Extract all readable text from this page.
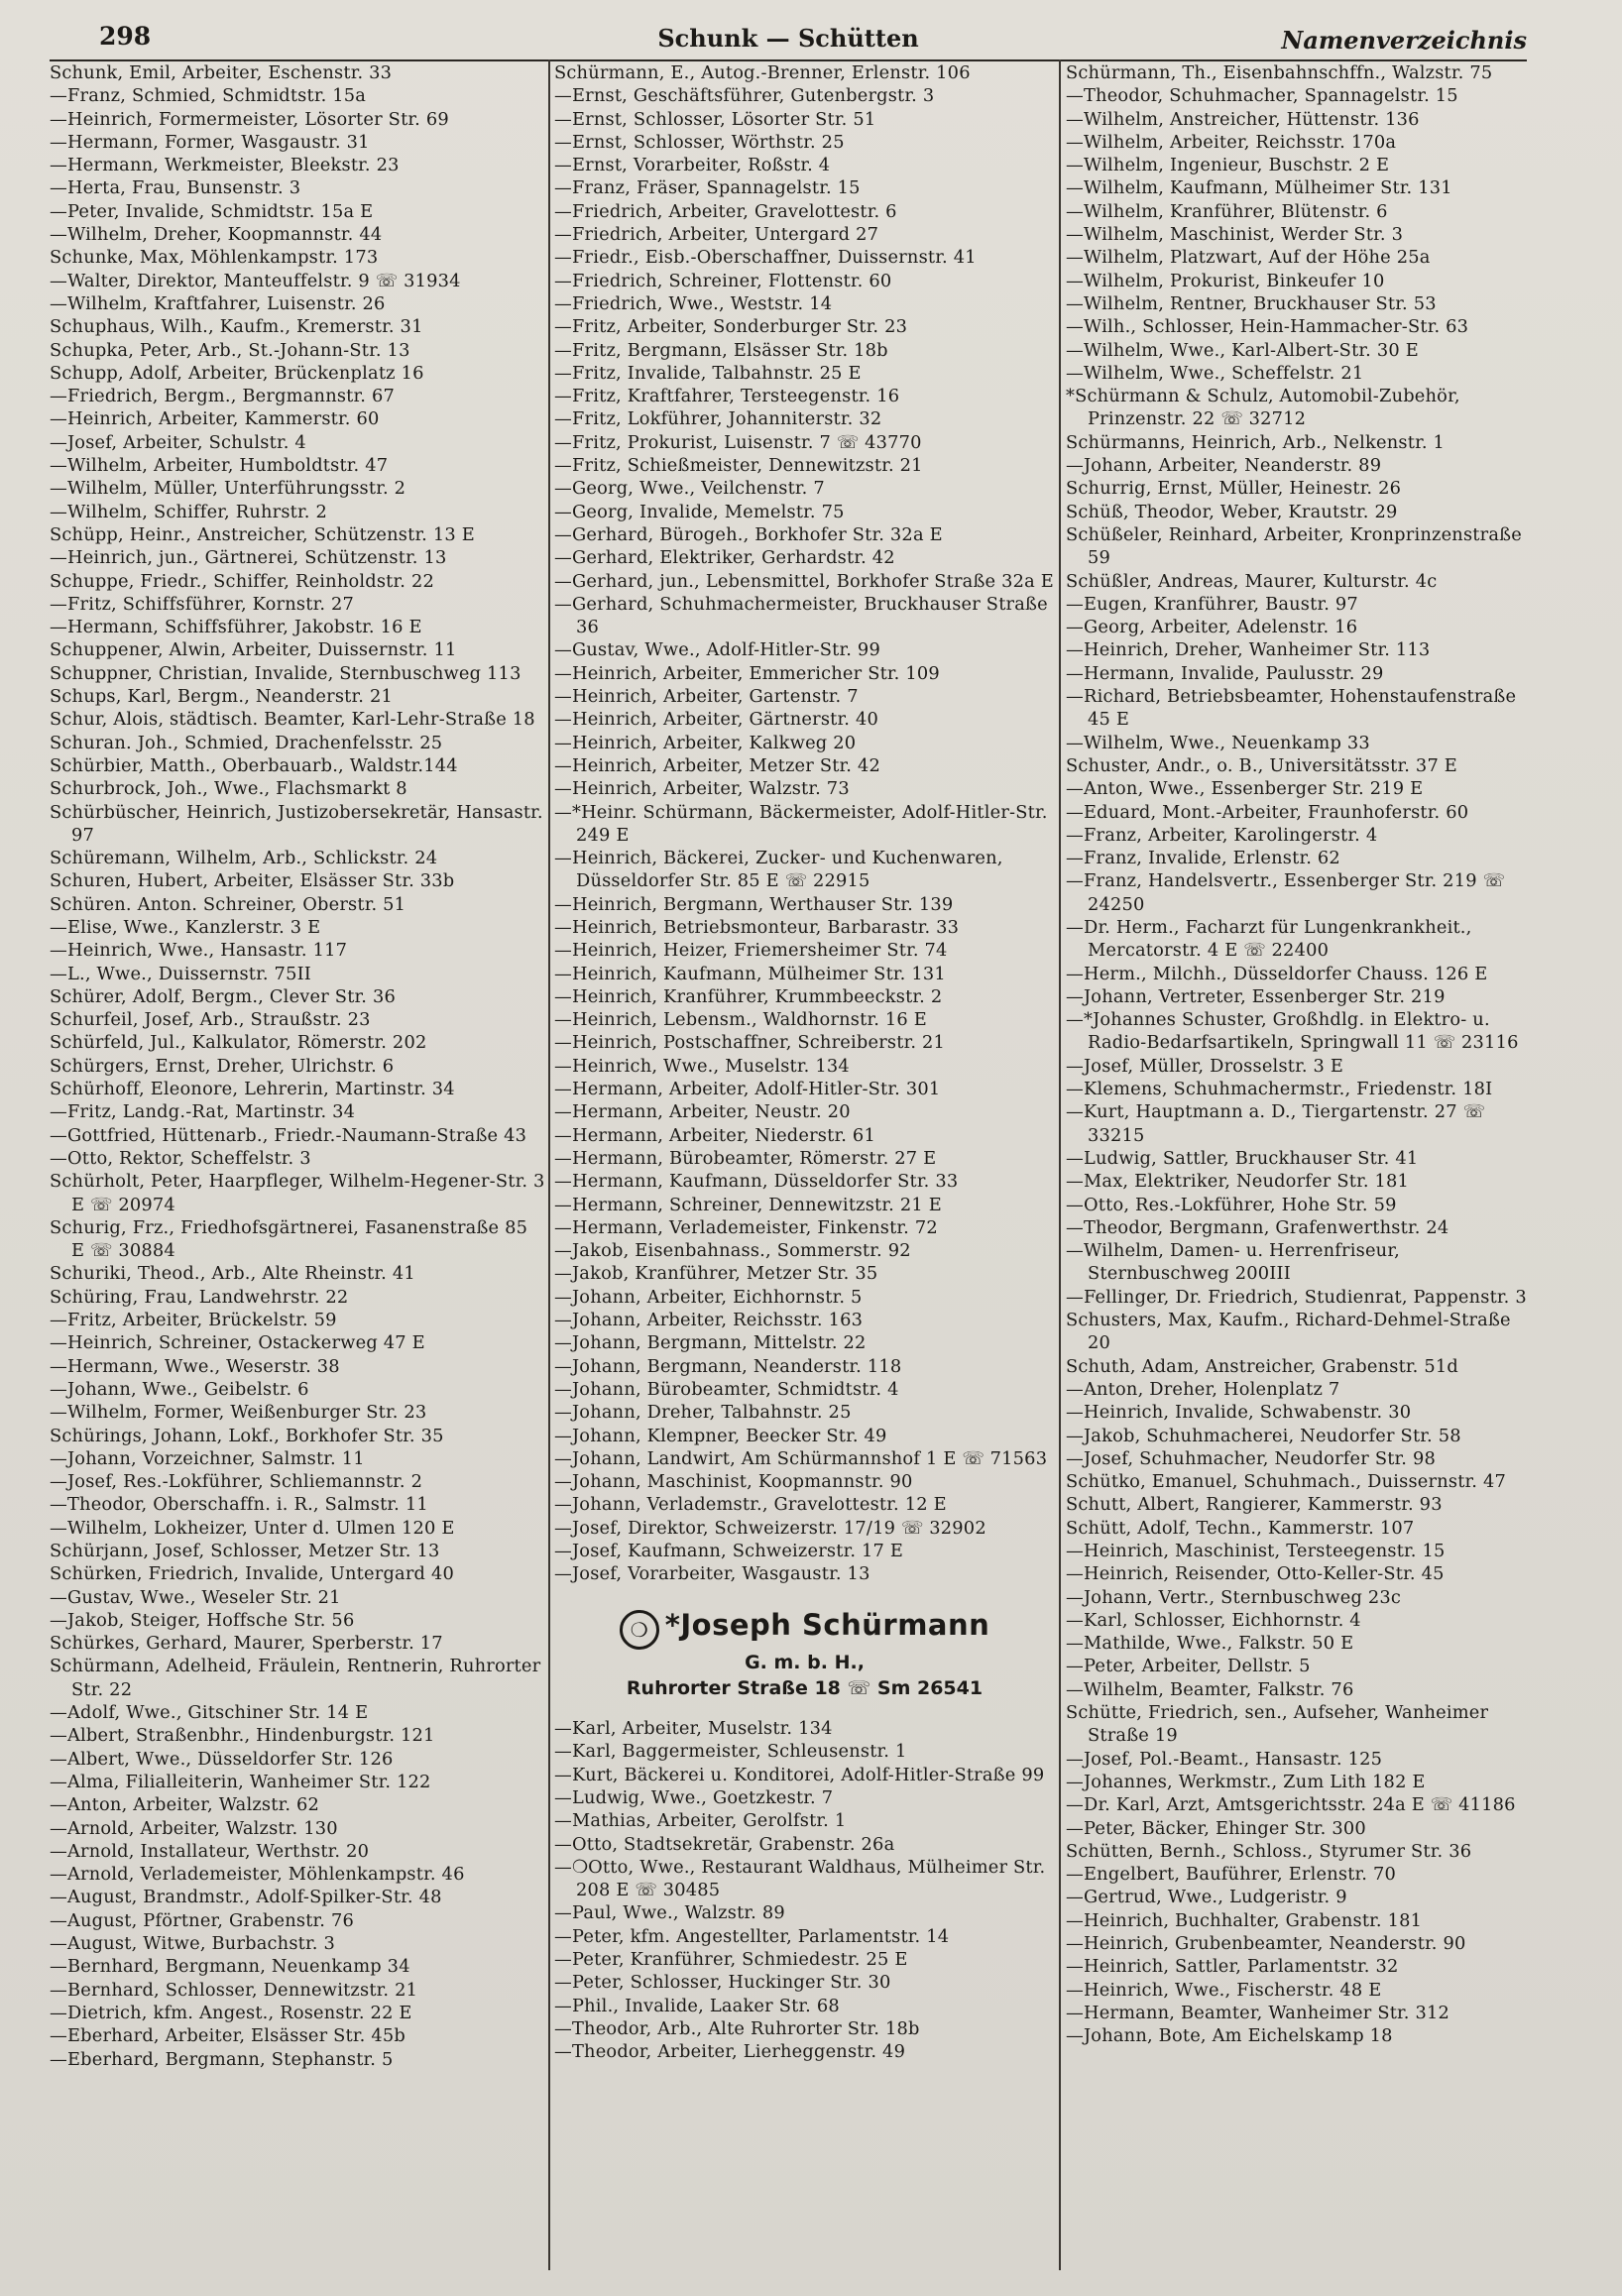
298	Schunk — Schütten	Namenverzeichnis

Schunk, Emil, Arbeiter, Eschenstr. 33

—Franz, Schmied, Schmidtstr. 15a

—Heinrich, Formermeister, Lösorter Str. 69

—Hermann, Former, Wasgaustr. 31

—Hermann, Werkmeister, Bleekstr. 23

—Herta, Frau, Bunsenstr. 3

—Peter, Invalide, Schmidtstr. 15a E

—Wilhelm, Dreher, Koopmannstr. 44

Schunke, Max, Möhlenkampstr. 173

—Walter, Direktor, Manteuffelstr. 9 ☏ 31934

—Wilhelm, Kraftfahrer, Luisenstr. 26

Schuphaus, Wilh., Kaufm., Kremerstr. 31

Schupka, Peter, Arb., St.-Johann-Str. 13

Schupp, Adolf, Arbeiter, Brückenplatz 16

—Friedrich, Bergm., Bergmannstr. 67

—Heinrich, Arbeiter, Kammerstr. 60

—Josef, Arbeiter, Schulstr. 4

—Wilhelm, Arbeiter, Humboldtstr. 47

—Wilhelm, Müller, Unterführungsstr. 2

—Wilhelm, Schiffer, Ruhrstr. 2

Schüpp, Heinr., Anstreicher, Schützenstr. 13 E

—Heinrich, jun., Gärtnerei, Schützenstr. 13

Schuppe, Friedr., Schiffer, Reinholdstr. 22

—Fritz, Schiffsführer, Kornstr. 27

—Hermann, Schiffsführer, Jakobstr. 16 E

Schuppener, Alwin, Arbeiter, Duissernstr. 11

Schuppner, Christian, Invalide, Sternbuschweg 113

Schups, Karl, Bergm., Neanderstr. 21

Schur, Alois, städtisch. Beamter, Karl-Lehr-Straße 18

Schuran. Joh., Schmied, Drachenfelsstr. 25

Schürbier, Matth., Oberbauarb., Waldstr.144

Schurbrock, Joh., Wwe., Flachsmarkt 8

Schürbüscher, Heinrich, Justizobersekretär, Hansastr. 97

Schüremann, Wilhelm, Arb., Schlickstr. 24

Schuren, Hubert, Arbeiter, Elsässer Str. 33b

Schüren. Anton. Schreiner, Oberstr. 51

—Elise, Wwe., Kanzlerstr. 3 E

—Heinrich, Wwe., Hansastr. 117

—L., Wwe., Duissernstr. 75II

Schürer, Adolf, Bergm., Clever Str. 36

Schurfeil, Josef, Arb., Straußstr. 23

Schürfeld, Jul., Kalkulator, Römerstr. 202

Schürgers, Ernst, Dreher, Ulrichstr. 6

Schürhoff, Eleonore, Lehrerin, Martinstr. 34

—Fritz, Landg.-Rat, Martinstr. 34

—Gottfried, Hüttenarb., Friedr.-Naumann-Straße 43

—Otto, Rektor, Scheffelstr. 3

Schürholt, Peter, Haarpfleger, Wilhelm-Hegener-Str. 3 E ☏ 20974

Schurig, Frz., Friedhofsgärtnerei, Fasanenstraße 85 E ☏ 30884

Schuriki, Theod., Arb., Alte Rheinstr. 41

Schüring, Frau, Landwehrstr. 22

—Fritz, Arbeiter, Brückelstr. 59

—Heinrich, Schreiner, Ostackerweg 47 E

—Hermann, Wwe., Weserstr. 38

—Johann, Wwe., Geibelstr. 6

—Wilhelm, Former, Weißenburger Str. 23

Schürings, Johann, Lokf., Borkhofer Str. 35

—Johann, Vorzeichner, Salmstr. 11

—Josef, Res.-Lokführer, Schliemannstr. 2

—Theodor, Oberschaffn. i. R., Salmstr. 11

—Wilhelm, Lokheizer, Unter d. Ulmen 120 E

Schürjann, Josef, Schlosser, Metzer Str. 13

Schürken, Friedrich, Invalide, Untergard 40

—Gustav, Wwe., Weseler Str. 21

—Jakob, Steiger, Hoffsche Str. 56

Schürkes, Gerhard, Maurer, Sperberstr. 17

Schürmann, Adelheid, Fräulein, Rentnerin, Ruhrorter Str. 22

—Adolf, Wwe., Gitschiner Str. 14 E

—Albert, Straßenbhr., Hindenburgstr. 121

—Albert, Wwe., Düsseldorfer Str. 126

—Alma, Filialleiterin, Wanheimer Str. 122

—Anton, Arbeiter, Walzstr. 62

—Arnold, Arbeiter, Walzstr. 130

—Arnold, Installateur, Werthstr. 20

—Arnold, Verlademeister, Möhlenkampstr. 46

—August, Brandmstr., Adolf-Spilker-Str. 48

—August, Pförtner, Grabenstr. 76

—August, Witwe, Burbachstr. 3

—Bernhard, Bergmann, Neuenkamp 34

—Bernhard, Schlosser, Dennewitzstr. 21

—Dietrich, kfm. Angest., Rosenstr. 22 E

—Eberhard, Arbeiter, Elsässer Str. 45b

—Eberhard, Bergmann, Stephanstr. 5

Schürmann, E., Autog.-Brenner, Erlenstr. 106

—Ernst, Geschäftsführer, Gutenbergstr. 3

—Ernst, Schlosser, Lösorter Str. 51

—Ernst, Schlosser, Wörthstr. 25

—Ernst, Vorarbeiter, Roßstr. 4

—Franz, Fräser, Spannagelstr. 15

—Friedrich, Arbeiter, Gravelottestr. 6

—Friedrich, Arbeiter, Untergard 27

—Friedr., Eisb.-Oberschaffner, Duissernstr. 41

—Friedrich, Schreiner, Flottenstr. 60

—Friedrich, Wwe., Weststr. 14

—Fritz, Arbeiter, Sonderburger Str. 23

—Fritz, Bergmann, Elsässer Str. 18b

—Fritz, Invalide, Talbahnstr. 25 E

—Fritz, Kraftfahrer, Tersteegenstr. 16

—Fritz, Lokführer, Johanniterstr. 32

—Fritz, Prokurist, Luisenstr. 7 ☏ 43770

—Fritz, Schießmeister, Dennewitzstr. 21

—Georg, Wwe., Veilchenstr. 7

—Georg, Invalide, Memelstr. 75

—Gerhard, Bürogeh., Borkhofer Str. 32a E

—Gerhard, Elektriker, Gerhardstr. 42

—Gerhard, jun., Lebensmittel, Borkhofer Straße 32a E

—Gerhard, Schuhmachermeister, Bruckhauser Straße 36

—Gustav, Wwe., Adolf-Hitler-Str. 99

—Heinrich, Arbeiter, Emmericher Str. 109

—Heinrich, Arbeiter, Gartenstr. 7

—Heinrich, Arbeiter, Gärtnerstr. 40

—Heinrich, Arbeiter, Kalkweg 20

—Heinrich, Arbeiter, Metzer Str. 42

—Heinrich, Arbeiter, Walzstr. 73

—*Heinr. Schürmann, Bäckermeister, Adolf-Hitler-Str. 249 E

—Heinrich, Bäckerei, Zucker- und Kuchenwaren, Düsseldorfer Str. 85 E ☏ 22915

—Heinrich, Bergmann, Werthauser Str. 139

—Heinrich, Betriebsmonteur, Barbarastr. 33

—Heinrich, Heizer, Friemersheimer Str. 74

—Heinrich, Kaufmann, Mülheimer Str. 131

—Heinrich, Kranführer, Krummbeeckstr. 2

—Heinrich, Lebensm., Waldhornstr. 16 E

—Heinrich, Postschaffner, Schreiberstr. 21

—Heinrich, Wwe., Muselstr. 134

—Hermann, Arbeiter, Adolf-Hitler-Str. 301

—Hermann, Arbeiter, Neustr. 20

—Hermann, Arbeiter, Niederstr. 61

—Hermann, Bürobeamter, Römerstr. 27 E

—Hermann, Kaufmann, Düsseldorfer Str. 33

—Hermann, Schreiner, Dennewitzstr. 21 E

—Hermann, Verlademeister, Finkenstr. 72

—Jakob, Eisenbahnass., Sommerstr. 92

—Jakob, Kranführer, Metzer Str. 35

—Johann, Arbeiter, Eichhornstr. 5

—Johann, Arbeiter, Reichsstr. 163

—Johann, Bergmann, Mittelstr. 22

—Johann, Bergmann, Neanderstr. 118

—Johann, Bürobeamter, Schmidtstr. 4

—Johann, Dreher, Talbahnstr. 25

—Johann, Klempner, Beecker Str. 49

—Johann, Landwirt, Am Schürmannshof 1 E ☏ 71563

—Johann, Maschinist, Koopmannstr. 90

—Johann, Verlademstr., Gravelottestr. 12 E

—Josef, Direktor, Schweizerstr. 17/19 ☏ 32902

—Josef, Kaufmann, Schweizerstr. 17 E

—Josef, Vorarbeiter, Wasgaustr. 13

❍ *Joseph Schürmann
G. m. b. H.,
Ruhrorter Straße 18 ☏ Sm 26541

—Karl, Arbeiter, Muselstr. 134

—Karl, Baggermeister, Schleusenstr. 1

—Kurt, Bäckerei u. Konditorei, Adolf-Hitler-Straße 99

—Ludwig, Wwe., Goetzkestr. 7

—Mathias, Arbeiter, Gerolfstr. 1

—Otto, Stadtsekretär, Grabenstr. 26a

—❍Otto, Wwe., Restaurant Waldhaus, Mülheimer Str. 208 E ☏ 30485

—Paul, Wwe., Walzstr. 89

—Peter, kfm. Angestellter, Parlamentstr. 14

—Peter, Kranführer, Schmiedestr. 25 E

—Peter, Schlosser, Huckinger Str. 30

—Phil., Invalide, Laaker Str. 68

—Theodor, Arb., Alte Ruhrorter Str. 18b

—Theodor, Arbeiter, Lierheggenstr. 49

Schürmann, Th., Eisenbahnschffn., Walzstr. 75

—Theodor, Schuhmacher, Spannagelstr. 15

—Wilhelm, Anstreicher, Hüttenstr. 136

—Wilhelm, Arbeiter, Reichsstr. 170a

—Wilhelm, Ingenieur, Buschstr. 2 E

—Wilhelm, Kaufmann, Mülheimer Str. 131

—Wilhelm, Kranführer, Blütenstr. 6

—Wilhelm, Maschinist, Werder Str. 3

—Wilhelm, Platzwart, Auf der Höhe 25a

—Wilhelm, Prokurist, Binkeufer 10

—Wilhelm, Rentner, Bruckhauser Str. 53

—Wilh., Schlosser, Hein-Hammacher-Str. 63

—Wilhelm, Wwe., Karl-Albert-Str. 30 E

—Wilhelm, Wwe., Scheffelstr. 21

*Schürmann & Schulz, Automobil-Zubehör, Prinzenstr. 22 ☏ 32712

Schürmanns, Heinrich, Arb., Nelkenstr. 1

—Johann, Arbeiter, Neanderstr. 89

Schurrig, Ernst, Müller, Heinestr. 26

Schüß, Theodor, Weber, Krautstr. 29

Schüßeler, Reinhard, Arbeiter, Kronprinzenstraße 59

Schüßler, Andreas, Maurer, Kulturstr. 4c

—Eugen, Kranführer, Baustr. 97

—Georg, Arbeiter, Adelenstr. 16

—Heinrich, Dreher, Wanheimer Str. 113

—Hermann, Invalide, Paulusstr. 29

—Richard, Betriebsbeamter, Hohenstaufenstraße 45 E

—Wilhelm, Wwe., Neuenkamp 33

Schuster, Andr., o. B., Universitätsstr. 37 E

—Anton, Wwe., Essenberger Str. 219 E

—Eduard, Mont.-Arbeiter, Fraunhoferstr. 60

—Franz, Arbeiter, Karolingerstr. 4

—Franz, Invalide, Erlenstr. 62

—Franz, Handelsvertr., Essenberger Str. 219 ☏ 24250

—Dr. Herm., Facharzt für Lungenkrankheit., Mercatorstr. 4 E ☏ 22400

—Herm., Milchh., Düsseldorfer Chauss. 126 E

—Johann, Vertreter, Essenberger Str. 219

—*Johannes Schuster, Großhdlg. in Elektro- u. Radio-Bedarfsartikeln, Springwall 11 ☏ 23116

—Josef, Müller, Drosselstr. 3 E

—Klemens, Schuhmachermstr., Friedenstr. 18I

—Kurt, Hauptmann a. D., Tiergartenstr. 27 ☏ 33215

—Ludwig, Sattler, Bruckhauser Str. 41

—Max, Elektriker, Neudorfer Str. 181

—Otto, Res.-Lokführer, Hohe Str. 59

—Theodor, Bergmann, Grafenwerthstr. 24

—Wilhelm, Damen- u. Herrenfriseur, Sternbuschweg 200III

—Fellinger, Dr. Friedrich, Studienrat, Pappenstr. 3

Schusters, Max, Kaufm., Richard-Dehmel-Straße 20

Schuth, Adam, Anstreicher, Grabenstr. 51d

—Anton, Dreher, Holenplatz 7

—Heinrich, Invalide, Schwabenstr. 30

—Jakob, Schuhmacherei, Neudorfer Str. 58

—Josef, Schuhmacher, Neudorfer Str. 98

Schütko, Emanuel, Schuhmach., Duissernstr. 47

Schutt, Albert, Rangierer, Kammerstr. 93

Schütt, Adolf, Techn., Kammerstr. 107

—Heinrich, Maschinist, Tersteegenstr. 15

—Heinrich, Reisender, Otto-Keller-Str. 45

—Johann, Vertr., Sternbuschweg 23c

—Karl, Schlosser, Eichhornstr. 4

—Mathilde, Wwe., Falkstr. 50 E

—Peter, Arbeiter, Dellstr. 5

—Wilhelm, Beamter, Falkstr. 76

Schütte, Friedrich, sen., Aufseher, Wanheimer Straße 19

—Josef, Pol.-Beamt., Hansastr. 125

—Johannes, Werkmstr., Zum Lith 182 E

—Dr. Karl, Arzt, Amtsgerichtsstr. 24a E ☏ 41186

—Peter, Bäcker, Ehinger Str. 300

Schütten, Bernh., Schloss., Styrumer Str. 36

—Engelbert, Bauführer, Erlenstr. 70

—Gertrud, Wwe., Ludgeristr. 9

—Heinrich, Buchhalter, Grabenstr. 181

—Heinrich, Grubenbeamter, Neanderstr. 90

—Heinrich, Sattler, Parlamentstr. 32

—Heinrich, Wwe., Fischerstr. 48 E

—Hermann, Beamter, Wanheimer Str. 312

—Johann, Bote, Am Eichelskamp 18
